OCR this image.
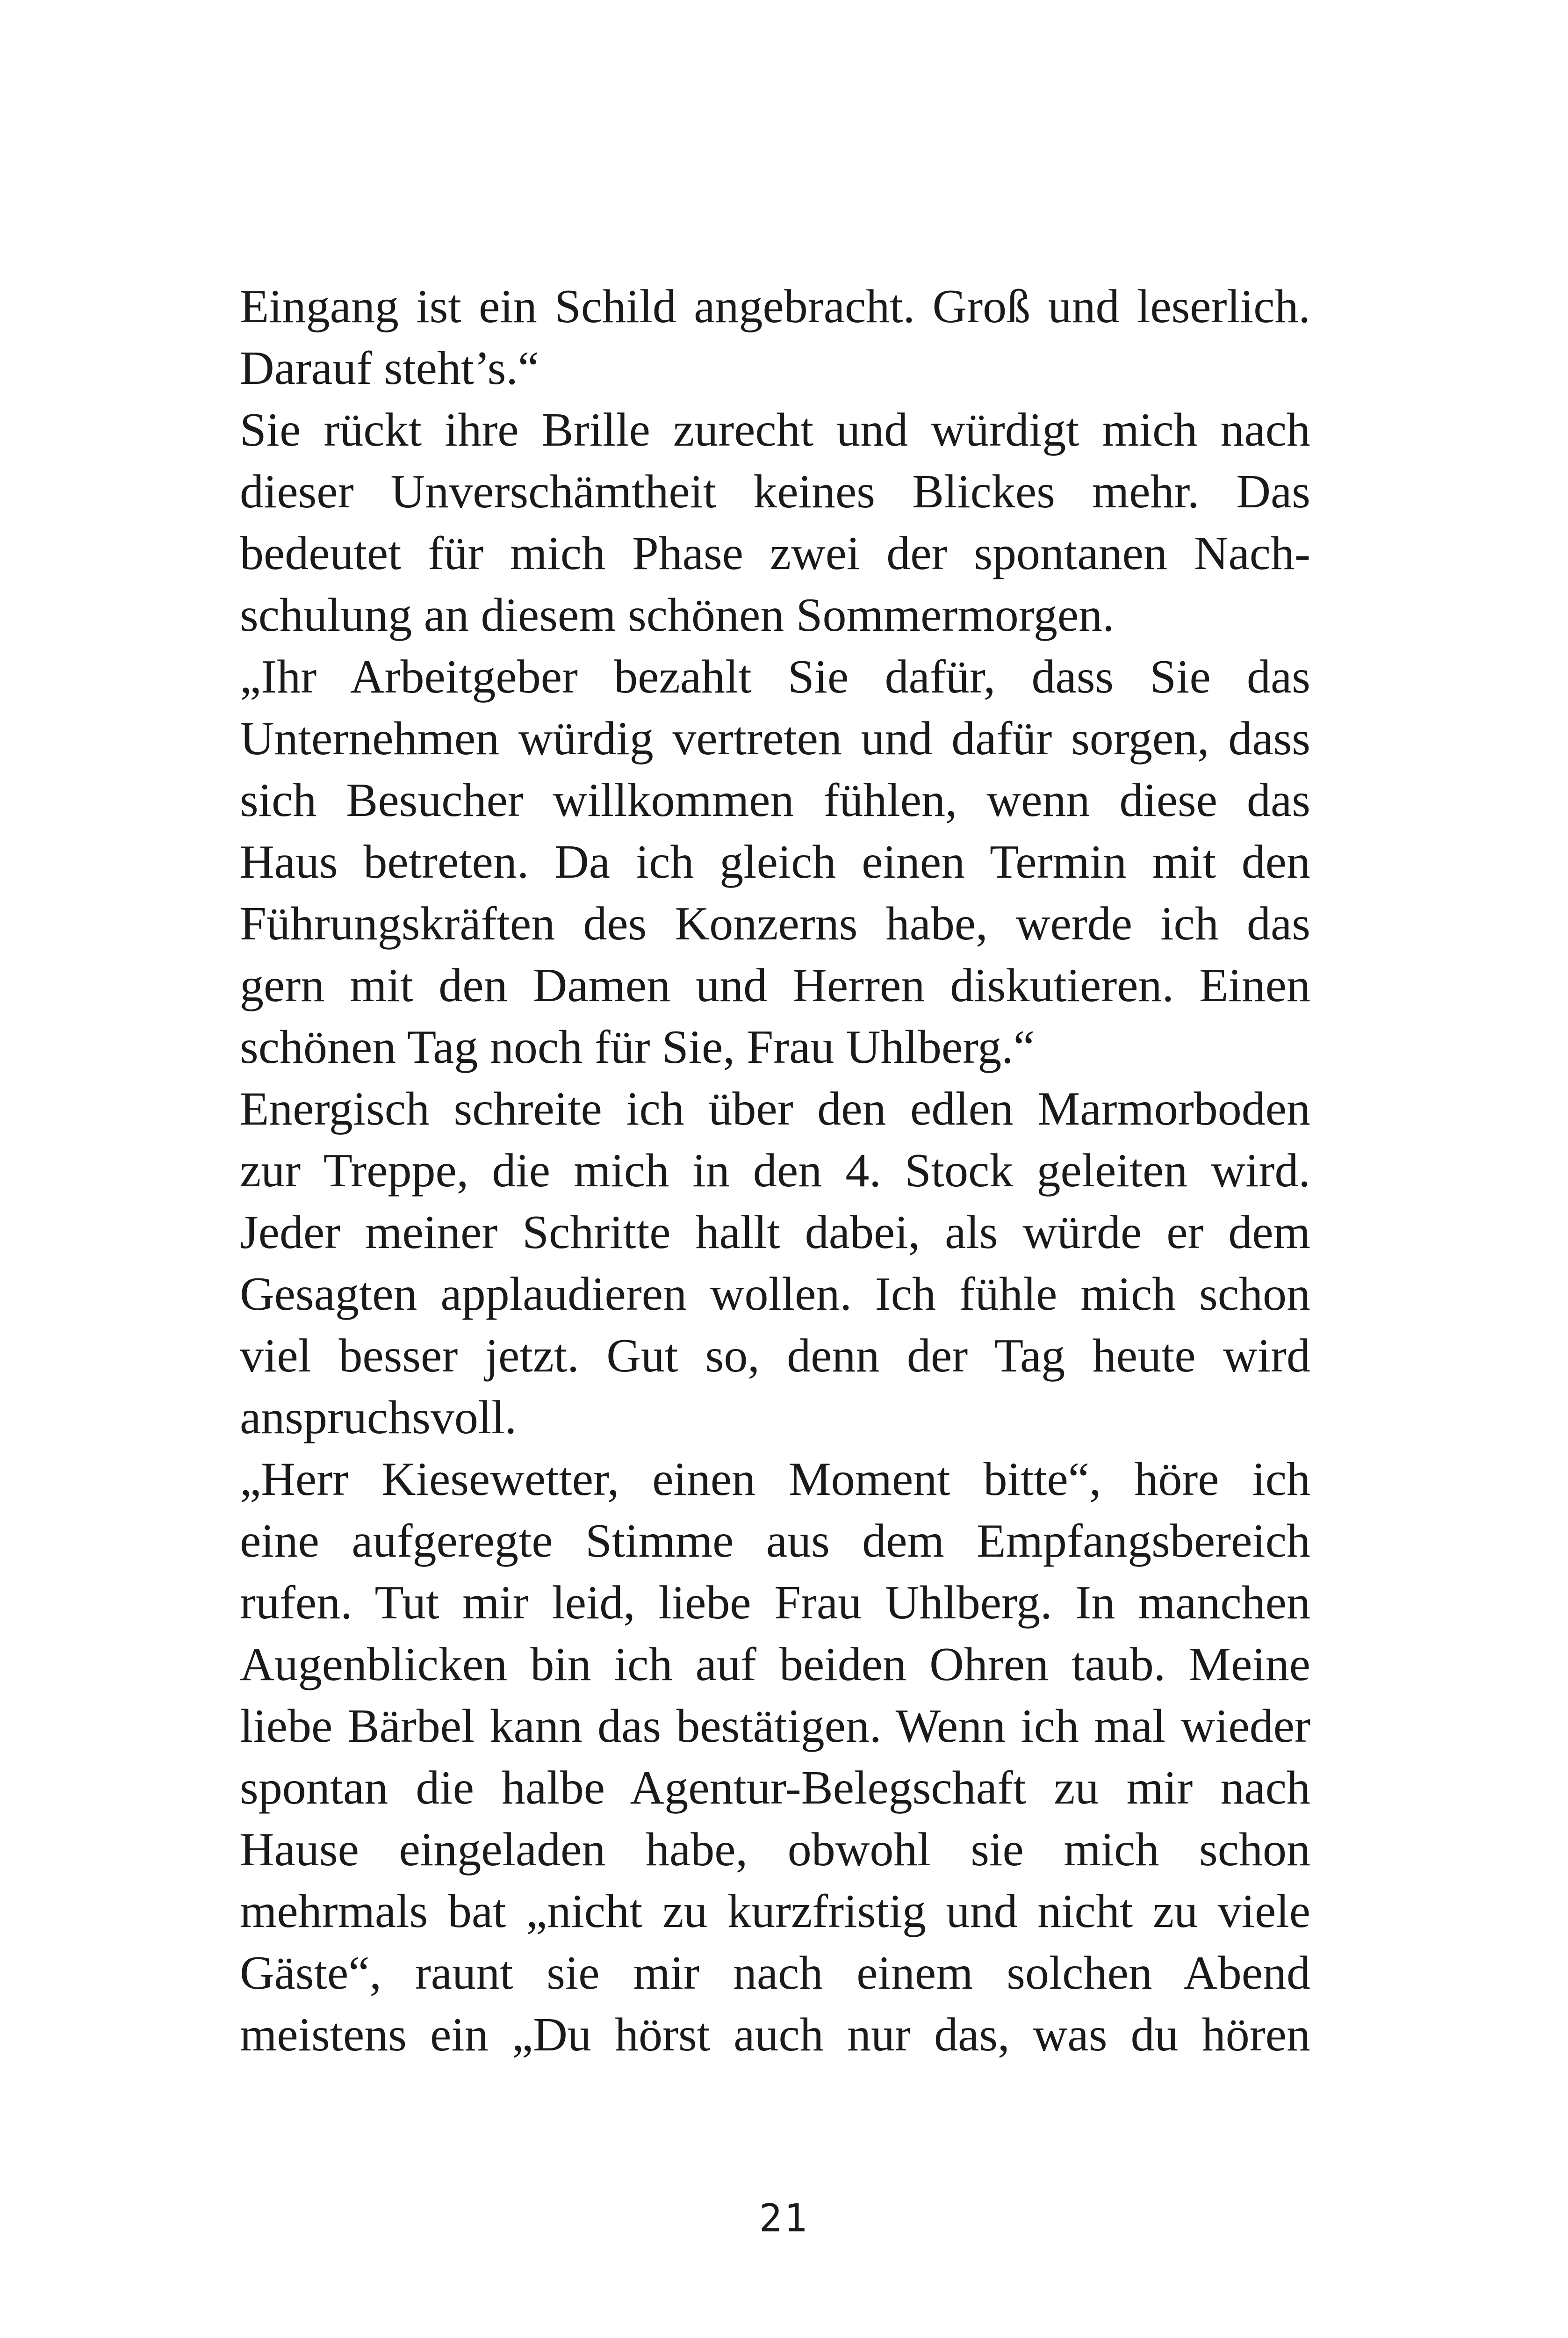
Eingang ist ein Schild angebracht. Groß und leserlich.
Darauf steht’s.“
Sie rückt ihre Brille zurecht und würdigt mich nach
dieser Unverschämtheit keines Blickes mehr. Das
bedeutet für mich Phase zwei der spontanen Nach-
schulung an diesem schönen Sommermorgen.
„Ihr Arbeitgeber bezahlt Sie dafür, dass Sie das
Unternehmen würdig vertreten und dafür sorgen, dass
sich Besucher willkommen fühlen, wenn diese das
Haus betreten. Da ich gleich einen Termin mit den
Führungskräften des Konzerns habe, werde ich das
gern mit den Damen und Herren diskutieren. Einen
schönen Tag noch für Sie, Frau Uhlberg.“
Energisch schreite ich über den edlen Marmorboden
zur Treppe, die mich in den 4. Stock geleiten wird.
Jeder meiner Schritte hallt dabei, als würde er dem
Gesagten applaudieren wollen. Ich fühle mich schon
viel besser jetzt. Gut so, denn der Tag heute wird
anspruchsvoll.
„Herr Kiesewetter, einen Moment bitte“, höre ich
eine aufgeregte Stimme aus dem Empfangsbereich
rufen. Tut mir leid, liebe Frau Uhlberg. In manchen
Augenblicken bin ich auf beiden Ohren taub. Meine
liebe Bärbel kann das bestätigen. Wenn ich mal wieder
spontan die halbe Agentur-Belegschaft zu mir nach
Hause eingeladen habe, obwohl sie mich schon
mehrmals bat „nicht zu kurzfristig und nicht zu viele
Gäste“, raunt sie mir nach einem solchen Abend
meistens ein „Du hörst auch nur das, was du hören
21
